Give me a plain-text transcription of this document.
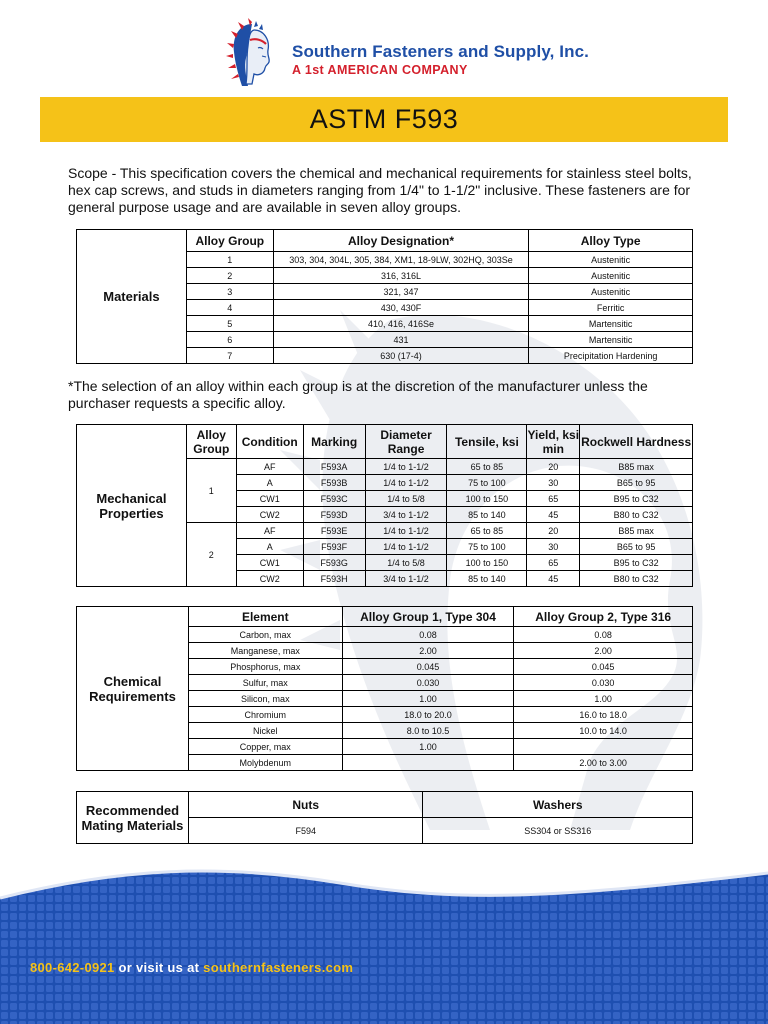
Southern Fasteners and Supply, Inc.
A 1st AMERICAN COMPANY
ASTM F593
Scope - This specification covers the chemical and mechanical requirements for stainless steel bolts, hex cap screws, and studs in diameters ranging from 1/4" to 1-1/2" inclusive. These fasteners are for general purpose usage and are available in seven alloy groups.
Materials	Alloy Group	Alloy Designation*	Alloy Type
	1	303, 304, 304L, 305, 384, XM1, 18-9LW, 302HQ, 303Se	Austenitic
	2	316, 316L	Austenitic
	3	321, 347	Austenitic
	4	430, 430F	Ferritic
	5	410, 416, 416Se	Martensitic
	6	431	Martensitic
	7	630 (17-4)	Precipitation Hardening
*The selection of an alloy within each group is at the discretion of the manufacturer unless the purchaser requests a specific alloy.
Mechanical Properties	Alloy Group	Condition	Marking	Diameter Range	Tensile, ksi	Yield, ksi min	Rockwell Hardness
	1	AF	F593A	1/4 to 1-1/2	65 to 85	20	B85 max
		A	F593B	1/4 to 1-1/2	75 to 100	30	B65 to 95
		CW1	F593C	1/4 to 5/8	100 to 150	65	B95 to C32
		CW2	F593D	3/4 to 1-1/2	85 to 140	45	B80 to C32
	2	AF	F593E	1/4 to 1-1/2	65 to 85	20	B85 max
		A	F593F	1/4 to 1-1/2	75 to 100	30	B65 to 95
		CW1	F593G	1/4 to 5/8	100 to 150	65	B95 to C32
		CW2	F593H	3/4 to 1-1/2	85 to 140	45	B80 to C32
Chemical Requirements	Element	Alloy Group 1, Type 304	Alloy Group 2, Type 316
	Carbon, max	0.08	0.08
	Manganese, max	2.00	2.00
	Phosphorus, max	0.045	0.045
	Sulfur, max	0.030	0.030
	Silicon, max	1.00	1.00
	Chromium	18.0 to 20.0	16.0 to 18.0
	Nickel	8.0 to 10.5	10.0 to 14.0
	Copper, max	1.00	
	Molybdenum		2.00 to 3.00
Recommended Mating Materials	Nuts	Washers
	F594	SS304 or SS316
800-642-0921 or visit us at southernfasteners.com
